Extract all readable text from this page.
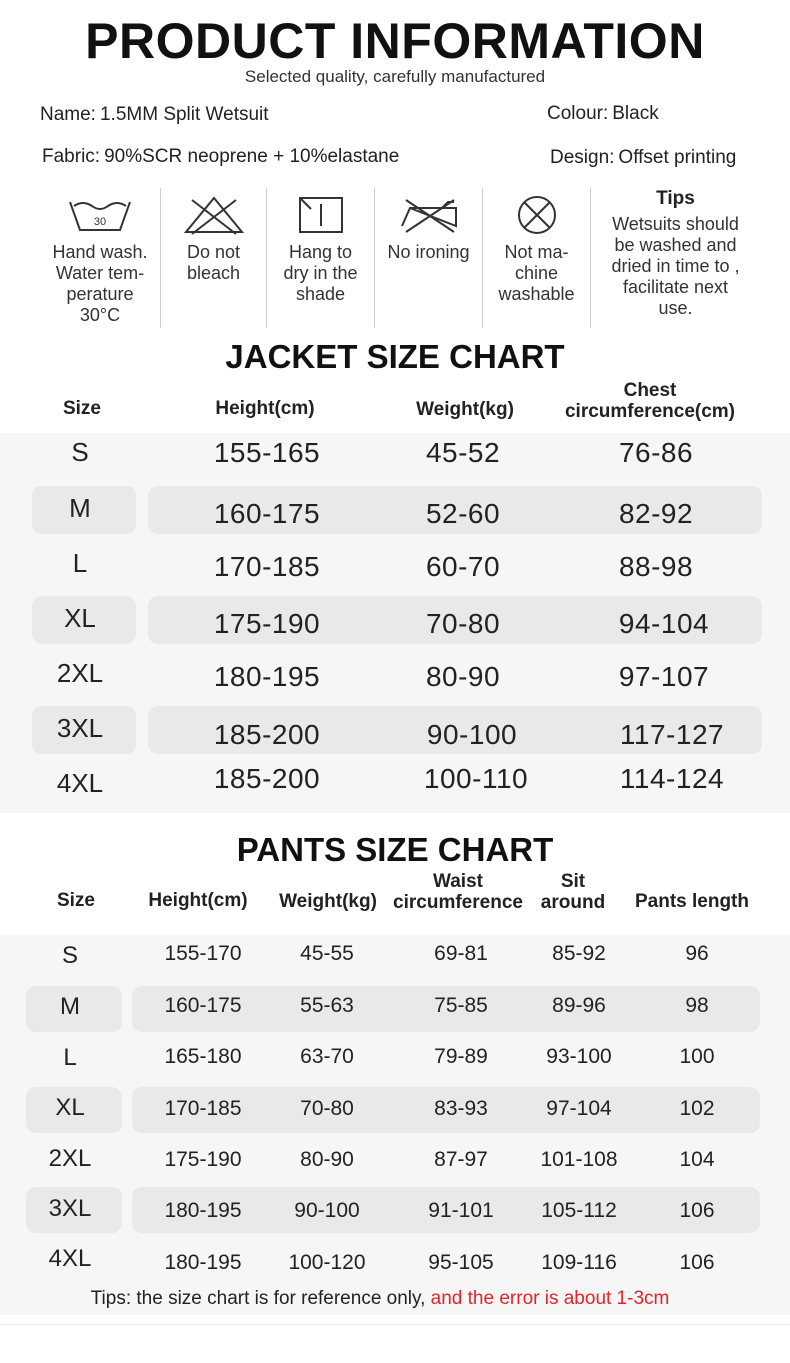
PRODUCT INFORMATION
Selected quality, carefully manufactured
Name: 1.5MM Split Wetsuit	Colour: Black
Fabric: 90%SCR neoprene + 10%elastane	Design: Offset printing
30
Hand wash.
Water tem-
perature
30°C
Do not
bleach
Hang to
dry in the
shade
No ironing	Not ma-
chine
washable
Tips
Wetsuits should
be washed and
dried in time to ,
facilitate next
use.
JACKET SIZE CHART
Size	Height(cm)	Weight(kg)
Chest
circumference(cm)
S	155-165	45-52	76-86
M	160-175	52-60	82-92
L	170-185	60-70	88-98
XL	175-190	70-80	94-104
2XL	180-195	80-90	97-107
3XL	185-200	90-100	117-127
4XL	185-200	100-110	114-124
PANTS SIZE CHART
Size	Height(cm)	Weight(kg)
Waist
circumference
Sit
around	Pants length
S	155-170	45-55	69-81	85-92	96
M	160-175	55-63	75-85	89-96	98
L	165-180	63-70	79-89	93-100	100
XL	170-185	70-80	83-93	97-104	102
2XL	175-190	80-90	87-97	101-108	104
3XL	180-195	90-100	91-101	105-112	106
4XL	180-195	100-120	95-105	109-116	106
Tips: the size chart is for reference only, and the error is about 1-3cm
